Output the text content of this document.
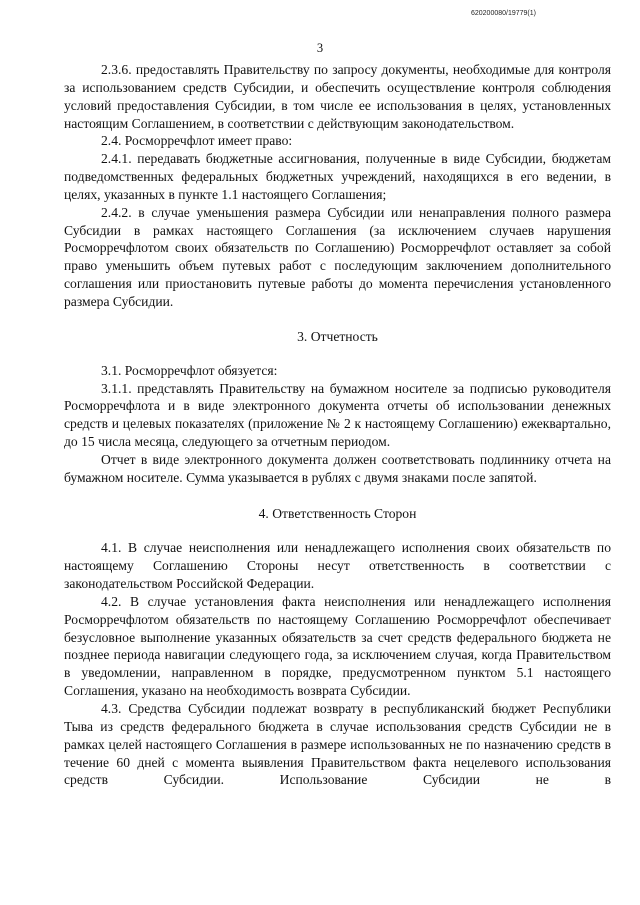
620200080/19779(1)
3

2.3.6. предоставлять Правительству по запросу документы, необходимые для контроля за использованием средств Субсидии, и обеспечить осуществление контроля соблюдения условий предоставления Субсидии, в том числе ее использования в целях, установленных настоящим Соглашением, в соответствии с действующим законодательством.

2.4. Росморречфлот имеет право:

2.4.1. передавать бюджетные ассигнования, полученные в виде Субсидии, бюджетам подведомственных федеральных бюджетных учреждений, находящихся в его ведении, в целях, указанных в пункте 1.1 настоящего Соглашения;

2.4.2. в случае уменьшения размера Субсидии или ненаправления полного размера Субсидии в рамках настоящего Соглашения (за исключением случаев нарушения Росморречфлотом своих обязательств по Соглашению) Росморречфлот оставляет за собой право уменьшить объем путевых работ с последующим заключением дополнительного соглашения или приостановить путевые работы до момента перечисления установленного размера Субсидии.

3. Отчетность

3.1. Росморречфлот обязуется:

3.1.1. представлять Правительству на бумажном носителе за подписью руководителя Росморречфлота и в виде электронного документа отчеты об использовании денежных средств и целевых показателях (приложение № 2 к настоящему Соглашению) ежеквартально, до 15 числа месяца, следующего за отчетным периодом.

Отчет в виде электронного документа должен соответствовать подлиннику отчета на бумажном носителе. Сумма указывается в рублях с двумя знаками после запятой.

4. Ответственность Сторон

4.1. В случае неисполнения или ненадлежащего исполнения своих обязательств по настоящему Соглашению Стороны несут ответственность в соответствии с законодательством Российской Федерации.

4.2. В случае установления факта неисполнения или ненадлежащего исполнения Росморречфлотом обязательств по настоящему Соглашению Росморречфлот обеспечивает безусловное выполнение указанных обязательств за счет средств федерального бюджета не позднее периода навигации следующего года, за исключением случая, когда Правительством в уведомлении, направленном в порядке, предусмотренном пунктом 5.1 настоящего Соглашения, указано на необходимость возврата Субсидии.

4.3. Средства Субсидии подлежат возврату в республиканский бюджет Республики Тыва из средств федерального бюджета в случае использования средств Субсидии не в рамках целей настоящего Соглашения в размере использованных не по назначению средств в течение 60 дней с момента выявления Правительством факта нецелевого использования средств Субсидии. Использование Субсидии не в
